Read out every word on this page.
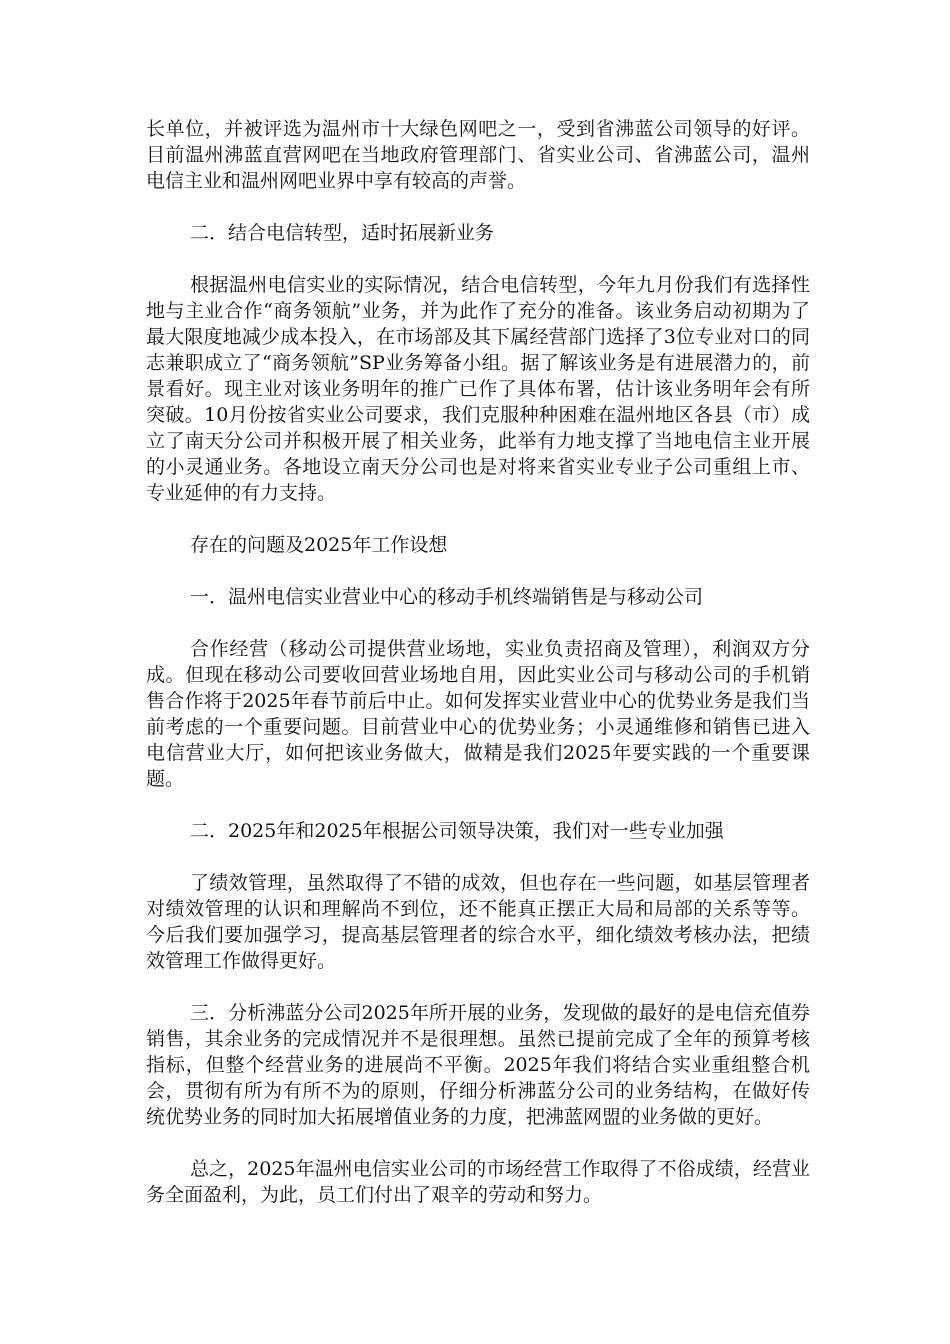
长单位，并被评选为温州市十大绿色网吧之一，受到省沸蓝公司领导的好评。目前温州沸蓝直营网吧在当地政府管理部门、省实业公司、省沸蓝公司，温州电信主业和温州网吧业界中享有较高的声誉。

二．结合电信转型，适时拓展新业务

根据温州电信实业的实际情况，结合电信转型，今年九月份我们有选择性地与主业合作“商务领航”业务，并为此作了充分的准备。该业务启动初期为了最大限度地减少成本投入，在市场部及其下属经营部门选择了3位专业对口的同志兼职成立了“商务领航”SP业务筹备小组。据了解该业务是有进展潜力的，前景看好。现主业对该业务明年的推广已作了具体布署，估计该业务明年会有所突破。10月份按省实业公司要求，我们克服种种困难在温州地区各县（市）成立了南天分公司并积极开展了相关业务，此举有力地支撑了当地电信主业开展的小灵通业务。各地设立南天分公司也是对将来省实业专业子公司重组上市、专业延伸的有力支持。

存在的问题及2025年工作设想

一．温州电信实业营业中心的移动手机终端销售是与移动公司

合作经营（移动公司提供营业场地，实业负责招商及管理），利润双方分成。但现在移动公司要收回营业场地自用，因此实业公司与移动公司的手机销售合作将于2025年春节前后中止。如何发挥实业营业中心的优势业务是我们当前考虑的一个重要问题。目前营业中心的优势业务；小灵通维修和销售已进入电信营业大厅，如何把该业务做大，做精是我们2025年要实践的一个重要课题。

二．2025年和2025年根据公司领导决策，我们对一些专业加强

了绩效管理，虽然取得了不错的成效，但也存在一些问题，如基层管理者对绩效管理的认识和理解尚不到位，还不能真正摆正大局和局部的关系等等。今后我们要加强学习，提高基层管理者的综合水平，细化绩效考核办法，把绩效管理工作做得更好。

三．分析沸蓝分公司2025年所开展的业务，发现做的最好的是电信充值券销售，其余业务的完成情况并不是很理想。虽然已提前完成了全年的预算考核指标，但整个经营业务的进展尚不平衡。2025年我们将结合实业重组整合机会，贯彻有所为有所不为的原则，仔细分析沸蓝分公司的业务结构，在做好传统优势业务的同时加大拓展增值业务的力度，把沸蓝网盟的业务做的更好。

总之，2025年温州电信实业公司的市场经营工作取得了不俗成绩，经营业务全面盈利，为此，员工们付出了艰辛的劳动和努力。
